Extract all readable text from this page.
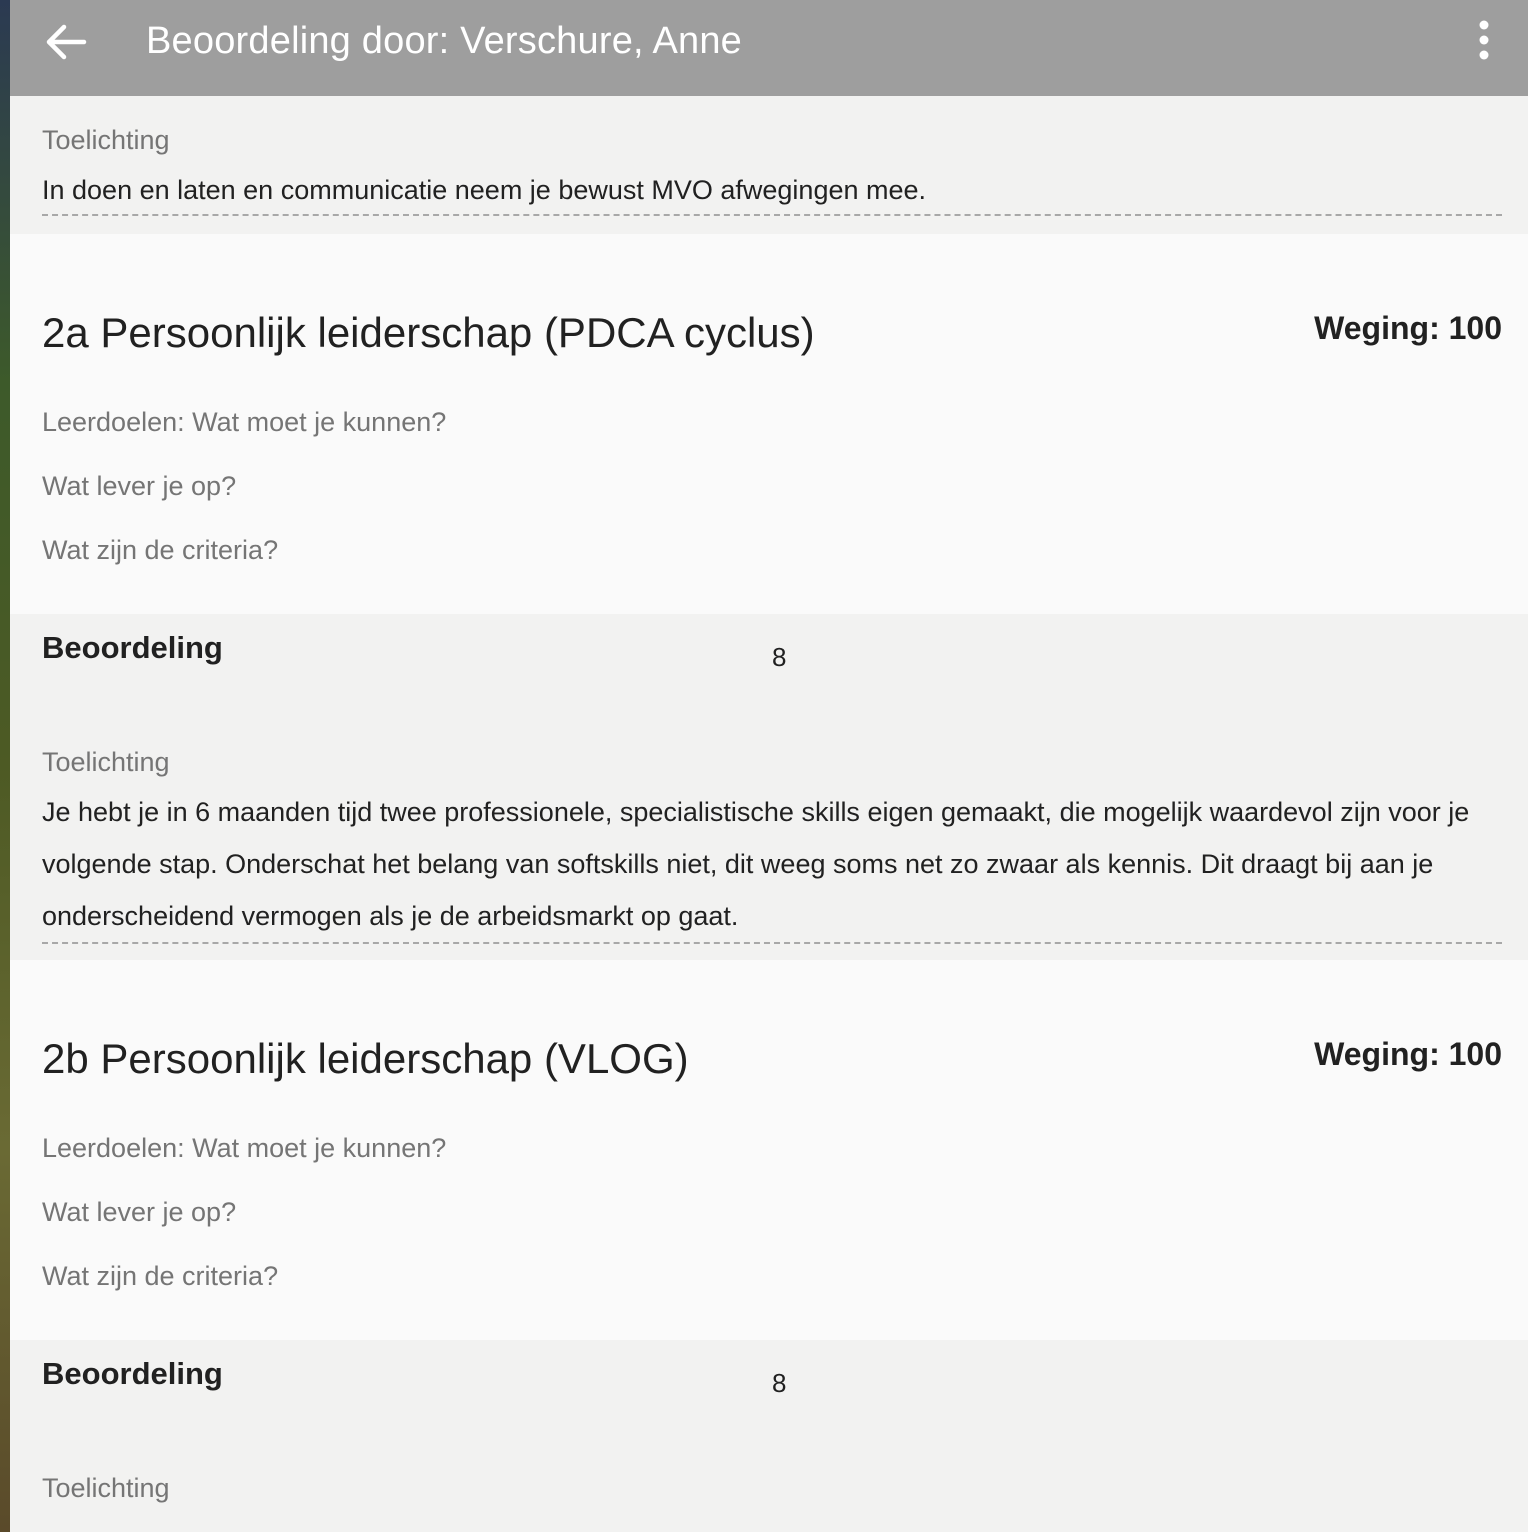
Beoordeling door: Verschure, Anne
Toelichting
In doen en laten en communicatie neem je bewust MVO afwegingen mee.
2a Persoonlijk leiderschap (PDCA cyclus)	Weging: 100
Leerdoelen: Wat moet je kunnen?
Wat lever je op?
Wat zijn de criteria?
Beoordeling	8
Toelichting
Je hebt je in 6 maanden tijd twee professionele, specialistische skills eigen gemaakt, die mogelijk waardevol zijn voor je volgende stap. Onderschat het belang van softskills niet, dit weeg soms net zo zwaar als kennis. Dit draagt bij aan je onderscheidend vermogen als je de arbeidsmarkt op gaat.
2b Persoonlijk leiderschap (VLOG)	Weging: 100
Leerdoelen: Wat moet je kunnen?
Wat lever je op?
Wat zijn de criteria?
Beoordeling	8
Toelichting
